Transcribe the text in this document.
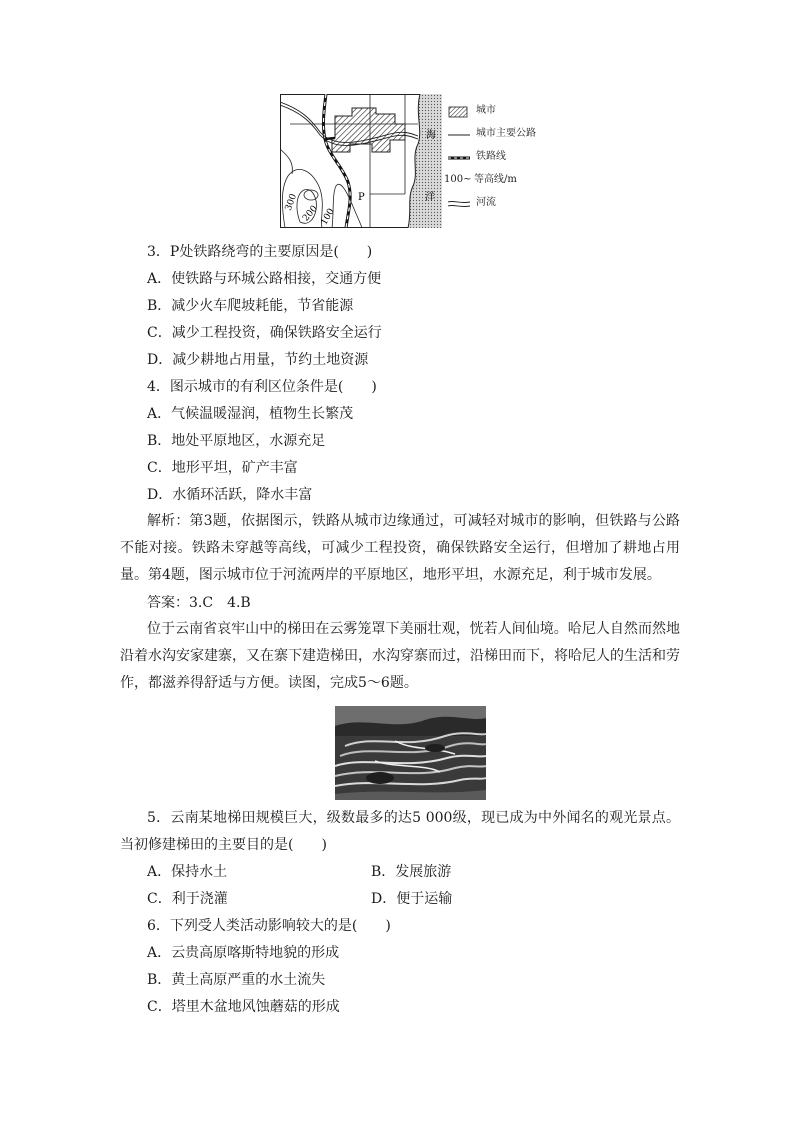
海
洋
300
200 100
P
城市
城市主要公路
铁路线
100~ 等高线/m
河流
3．P处铁路绕弯的主要原因是(　　)
A．使铁路与环城公路相接，交通方便
B．减少火车爬坡耗能，节省能源
C．减少工程投资，确保铁路安全运行
D．减少耕地占用量，节约土地资源
4．图示城市的有利区位条件是(　　)
A．气候温暖湿润，植物生长繁茂
B．地处平原地区，水源充足
C．地形平坦，矿产丰富
D．水循环活跃，降水丰富
解析：第3题，依据图示，铁路从城市边缘通过，可减轻对城市的影响，但铁路与公路不能对接。铁路未穿越等高线，可减少工程投资，确保铁路安全运行，但增加了耕地占用量。第4题，图示城市位于河流两岸的平原地区，地形平坦，水源充足，利于城市发展。
答案：3.C　4.B
位于云南省哀牢山中的梯田在云雾笼罩下美丽壮观，恍若人间仙境。哈尼人自然而然地沿着水沟安家建寨，又在寨下建造梯田，水沟穿寨而过，沿梯田而下，将哈尼人的生活和劳作，都滋养得舒适与方便。读图，完成5～6题。
5．云南某地梯田规模巨大，级数最多的达5 000级，现已成为中外闻名的观光景点。当初修建梯田的主要目的是(　　)
A．保持水土	B．发展旅游
C．利于浇灌	D．便于运输
6．下列受人类活动影响较大的是(　　)
A．云贵高原喀斯特地貌的形成
B．黄土高原严重的水土流失
C．塔里木盆地风蚀蘑菇的形成
